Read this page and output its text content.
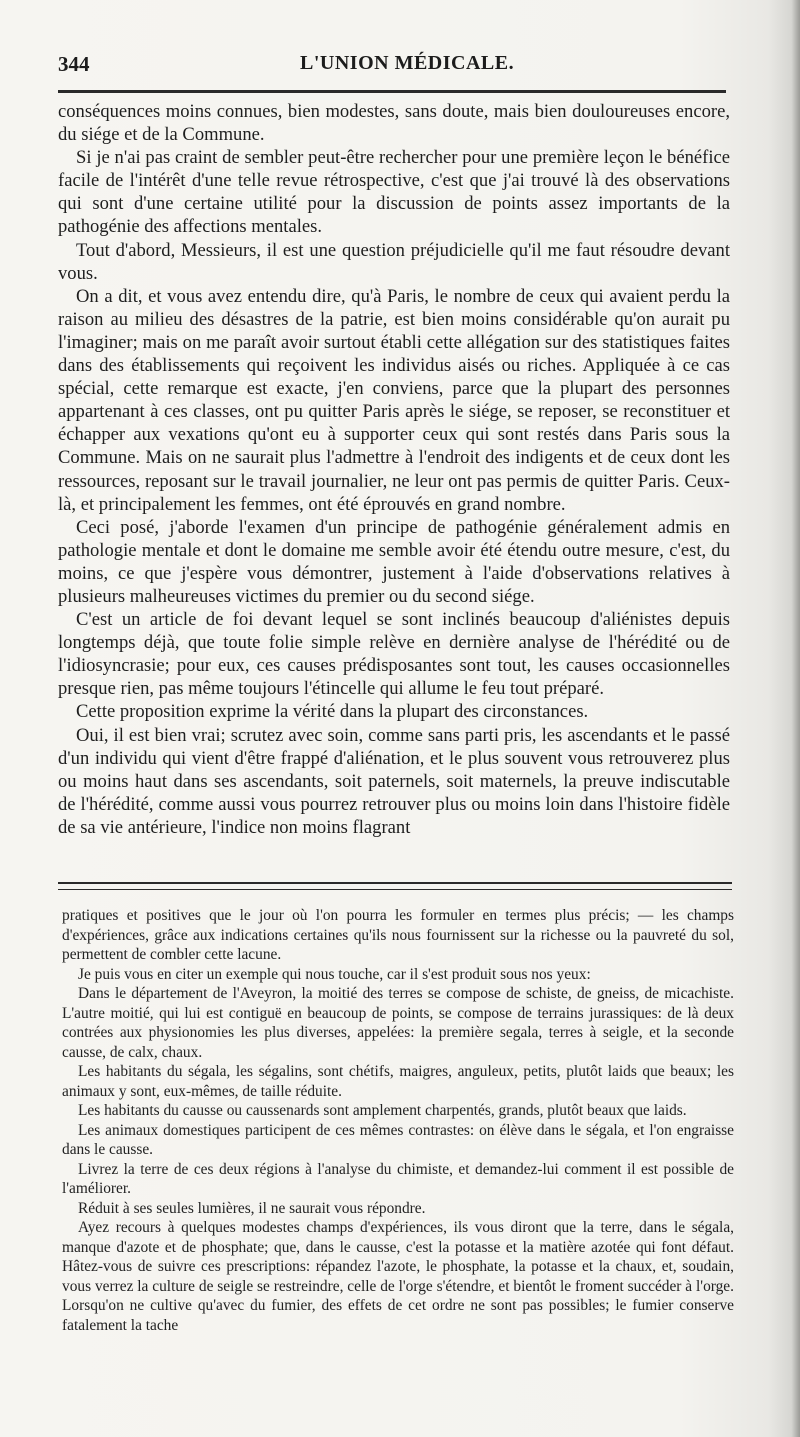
344	L'UNION MÉDICALE.

conséquences moins connues, bien modestes, sans doute, mais bien douloureuses encore, du siége et de la Commune.

Si je n'ai pas craint de sembler peut-être rechercher pour une première leçon le bénéfice facile de l'intérêt d'une telle revue rétrospective, c'est que j'ai trouvé là des observations qui sont d'une certaine utilité pour la discussion de points assez importants de la pathogénie des affections mentales.

Tout d'abord, Messieurs, il est une question préjudicielle qu'il me faut résoudre devant vous.

On a dit, et vous avez entendu dire, qu'à Paris, le nombre de ceux qui avaient perdu la raison au milieu des désastres de la patrie, est bien moins considérable qu'on aurait pu l'imaginer; mais on me paraît avoir surtout établi cette allégation sur des statistiques faites dans des établissements qui reçoivent les individus aisés ou riches. Appliquée à ce cas spécial, cette remarque est exacte, j'en conviens, parce que la plupart des personnes appartenant à ces classes, ont pu quitter Paris après le siége, se reposer, se reconstituer et échapper aux vexations qu'ont eu à supporter ceux qui sont restés dans Paris sous la Commune. Mais on ne saurait plus l'admettre à l'endroit des indigents et de ceux dont les ressources, reposant sur le travail journalier, ne leur ont pas permis de quitter Paris. Ceux-là, et principalement les femmes, ont été éprouvés en grand nombre.

Ceci posé, j'aborde l'examen d'un principe de pathogénie généralement admis en pathologie mentale et dont le domaine me semble avoir été étendu outre mesure, c'est, du moins, ce que j'espère vous démontrer, justement à l'aide d'observations relatives à plusieurs malheureuses victimes du premier ou du second siége.

C'est un article de foi devant lequel se sont inclinés beaucoup d'aliénistes depuis longtemps déjà, que toute folie simple relève en dernière analyse de l'hérédité ou de l'idiosyncrasie; pour eux, ces causes prédisposantes sont tout, les causes occasionnelles presque rien, pas même toujours l'étincelle qui allume le feu tout préparé.

Cette proposition exprime la vérité dans la plupart des circonstances.

Oui, il est bien vrai; scrutez avec soin, comme sans parti pris, les ascendants et le passé d'un individu qui vient d'être frappé d'aliénation, et le plus souvent vous retrouverez plus ou moins haut dans ses ascendants, soit paternels, soit maternels, la preuve indiscutable de l'hérédité, comme aussi vous pourrez retrouver plus ou moins loin dans l'histoire fidèle de sa vie antérieure, l'indice non moins flagrant

pratiques et positives que le jour où l'on pourra les formuler en termes plus précis; — les champs d'expériences, grâce aux indications certaines qu'ils nous fournissent sur la richesse ou la pauvreté du sol, permettent de combler cette lacune.

Je puis vous en citer un exemple qui nous touche, car il s'est produit sous nos yeux:

Dans le département de l'Aveyron, la moitié des terres se compose de schiste, de gneiss, de micachiste. L'autre moitié, qui lui est contiguë en beaucoup de points, se compose de terrains jurassiques: de là deux contrées aux physionomies les plus diverses, appelées: la première segala, terres à seigle, et la seconde causse, de calx, chaux.

Les habitants du ségala, les ségalins, sont chétifs, maigres, anguleux, petits, plutôt laids que beaux; les animaux y sont, eux-mêmes, de taille réduite.

Les habitants du causse ou caussenards sont amplement charpentés, grands, plutôt beaux que laids.

Les animaux domestiques participent de ces mêmes contrastes: on élève dans le ségala, et l'on engraisse dans le causse.

Livrez la terre de ces deux régions à l'analyse du chimiste, et demandez-lui comment il est possible de l'améliorer.

Réduit à ses seules lumières, il ne saurait vous répondre.

Ayez recours à quelques modestes champs d'expériences, ils vous diront que la terre, dans le ségala, manque d'azote et de phosphate; que, dans le causse, c'est la potasse et la matière azotée qui font défaut. Hâtez-vous de suivre ces prescriptions: répandez l'azote, le phosphate, la potasse et la chaux, et, soudain, vous verrez la culture de seigle se restreindre, celle de l'orge s'étendre, et bientôt le froment succéder à l'orge. Lorsqu'on ne cultive qu'avec du fumier, des effets de cet ordre ne sont pas possibles; le fumier conserve fatalement la tache
